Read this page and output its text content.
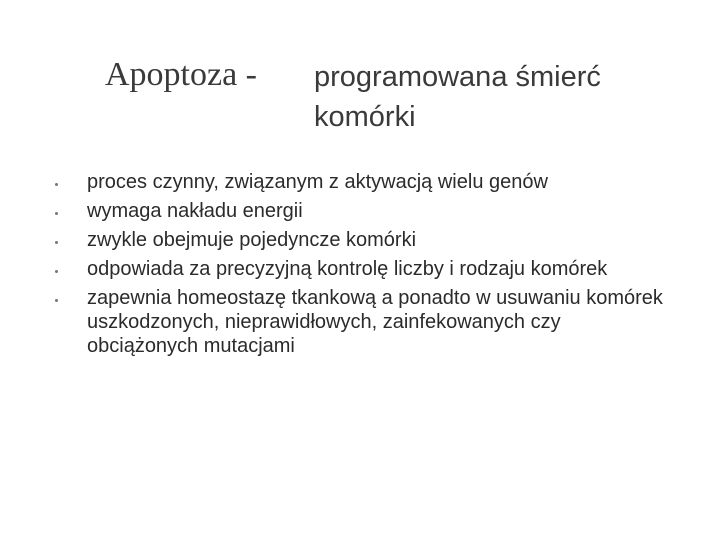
Apoptoza - programowana śmierć
komórki
proces czynny, związanym z aktywacją wielu genów
wymaga nakładu energii
zwykle obejmuje pojedyncze komórki
odpowiada za precyzyjną kontrolę liczby i rodzaju komórek
zapewnia homeostazę tkankową a ponadto w usuwaniu komórek uszkodzonych, nieprawidłowych, zainfekowanych czy obciążonych mutacjami
